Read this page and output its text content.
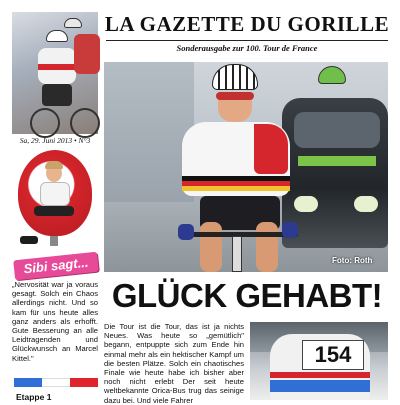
LA GAZETTE DU GORILLE
Sonderausgabe zur 100. Tour de France
Sa, 29. Juni 2013 • N°3
Sibi sagt...
„Nervosität war ja voraus gesagt. Solch ein Chaos allerdings nicht. Und so kam für uns heute alles ganz anders als erhofft. Gute Besserung an alle Leidtragenden und Glückwunsch an Marcel Kittel."
Etappe 1
Foto: Roth
GLÜCK GEHABT!
Die Tour ist die Tour, das ist ja nichts Neues. Was heute so „gemütlich" begann, entpuppte sich zum Ende hin einmal mehr als ein hektischer Kampf um die besten Plätze. Solch ein chaotisches Finale wie heute habe ich bisher aber noch nicht erlebt Der seit heute weltbekannte Orica-Bus trug das seinige dazu bei. Und viele Fahrer
154
